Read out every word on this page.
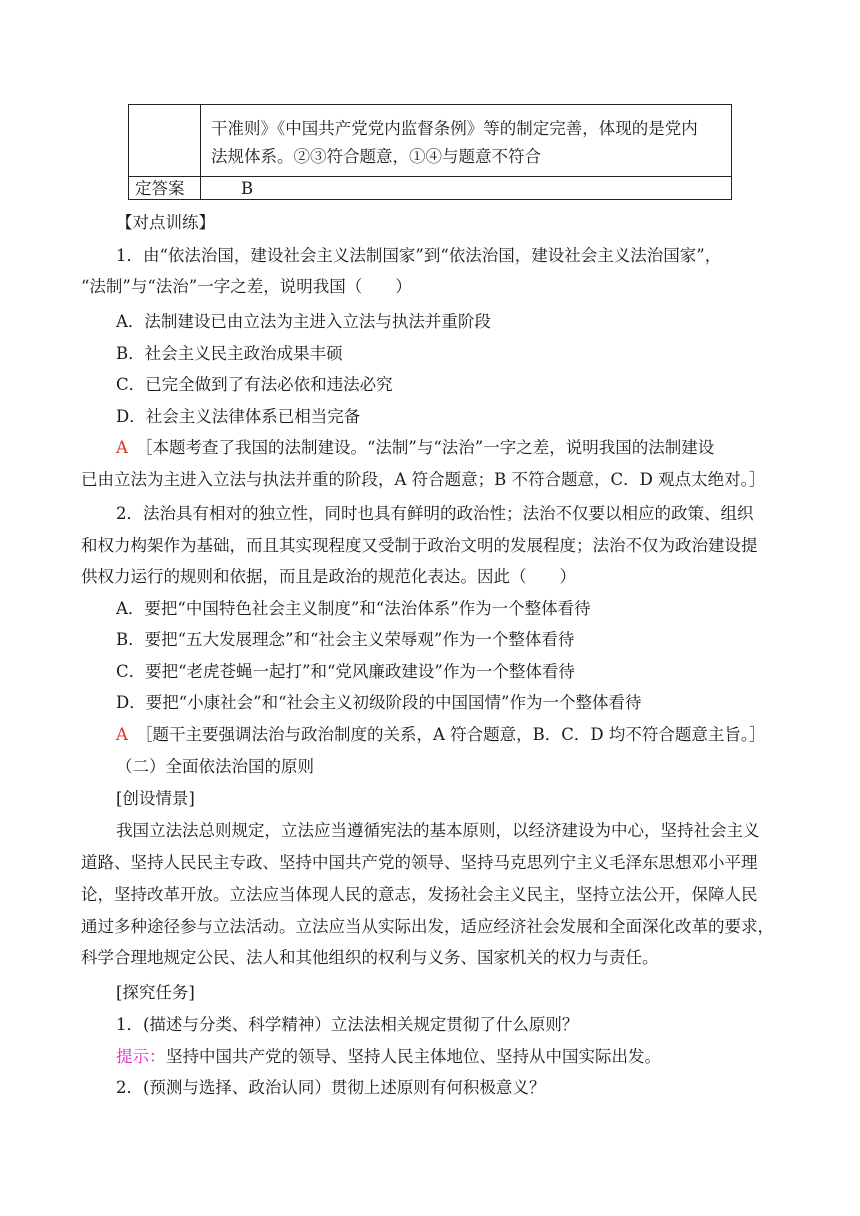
干准则》《中国共产党党内监督条例》等的制定完善，体现的是党内
法规体系。②③符合题意，①④与题意不符合
定答案	B
【对点训练】
1．由“依法治国，建设社会主义法制国家”到“依法治国，建设社会主义法治国家”，
“法制”与“法治”一字之差，说明我国（　　）
A．法制建设已由立法为主进入立法与执法并重阶段
B．社会主义民主政治成果丰硕
C．已完全做到了有法必依和违法必究
D．社会主义法律体系已相当完备
A ［本题考查了我国的法制建设。“法制”与“法治”一字之差，说明我国的法制建设
已由立法为主进入立法与执法并重的阶段，A 符合题意；B 不符合题意，C．D 观点太绝对。］
2．法治具有相对的独立性，同时也具有鲜明的政治性；法治不仅要以相应的政策、组织
和权力构架作为基础，而且其实现程度又受制于政治文明的发展程度；法治不仅为政治建设提
供权力运行的规则和依据，而且是政治的规范化表达。因此（　　）
A．要把“中国特色社会主义制度”和“法治体系”作为一个整体看待
B．要把“五大发展理念”和“社会主义荣辱观”作为一个整体看待
C．要把“老虎苍蝇一起打”和“党风廉政建设”作为一个整体看待
D．要把“小康社会”和“社会主义初级阶段的中国国情”作为一个整体看待
A ［题干主要强调法治与政治制度的关系，A 符合题意，B．C．D 均不符合题意主旨。］
（二）全面依法治国的原则
[创设情景]
我国立法法总则规定，立法应当遵循宪法的基本原则，以经济建设为中心，坚持社会主义
道路、坚持人民民主专政、坚持中国共产党的领导、坚持马克思列宁主义毛泽东思想邓小平理
论，坚持改革开放。立法应当体现人民的意志，发扬社会主义民主，坚持立法公开，保障人民
通过多种途径参与立法活动。立法应当从实际出发，适应经济社会发展和全面深化改革的要求，
科学合理地规定公民、法人和其他组织的权利与义务、国家机关的权力与责任。
[探究任务]
1．(描述与分类、科学精神）立法法相关规定贯彻了什么原则？
提示： 坚持中国共产党的领导、坚持人民主体地位、坚持从中国实际出发。
2．(预测与选择、政治认同）贯彻上述原则有何积极意义？
